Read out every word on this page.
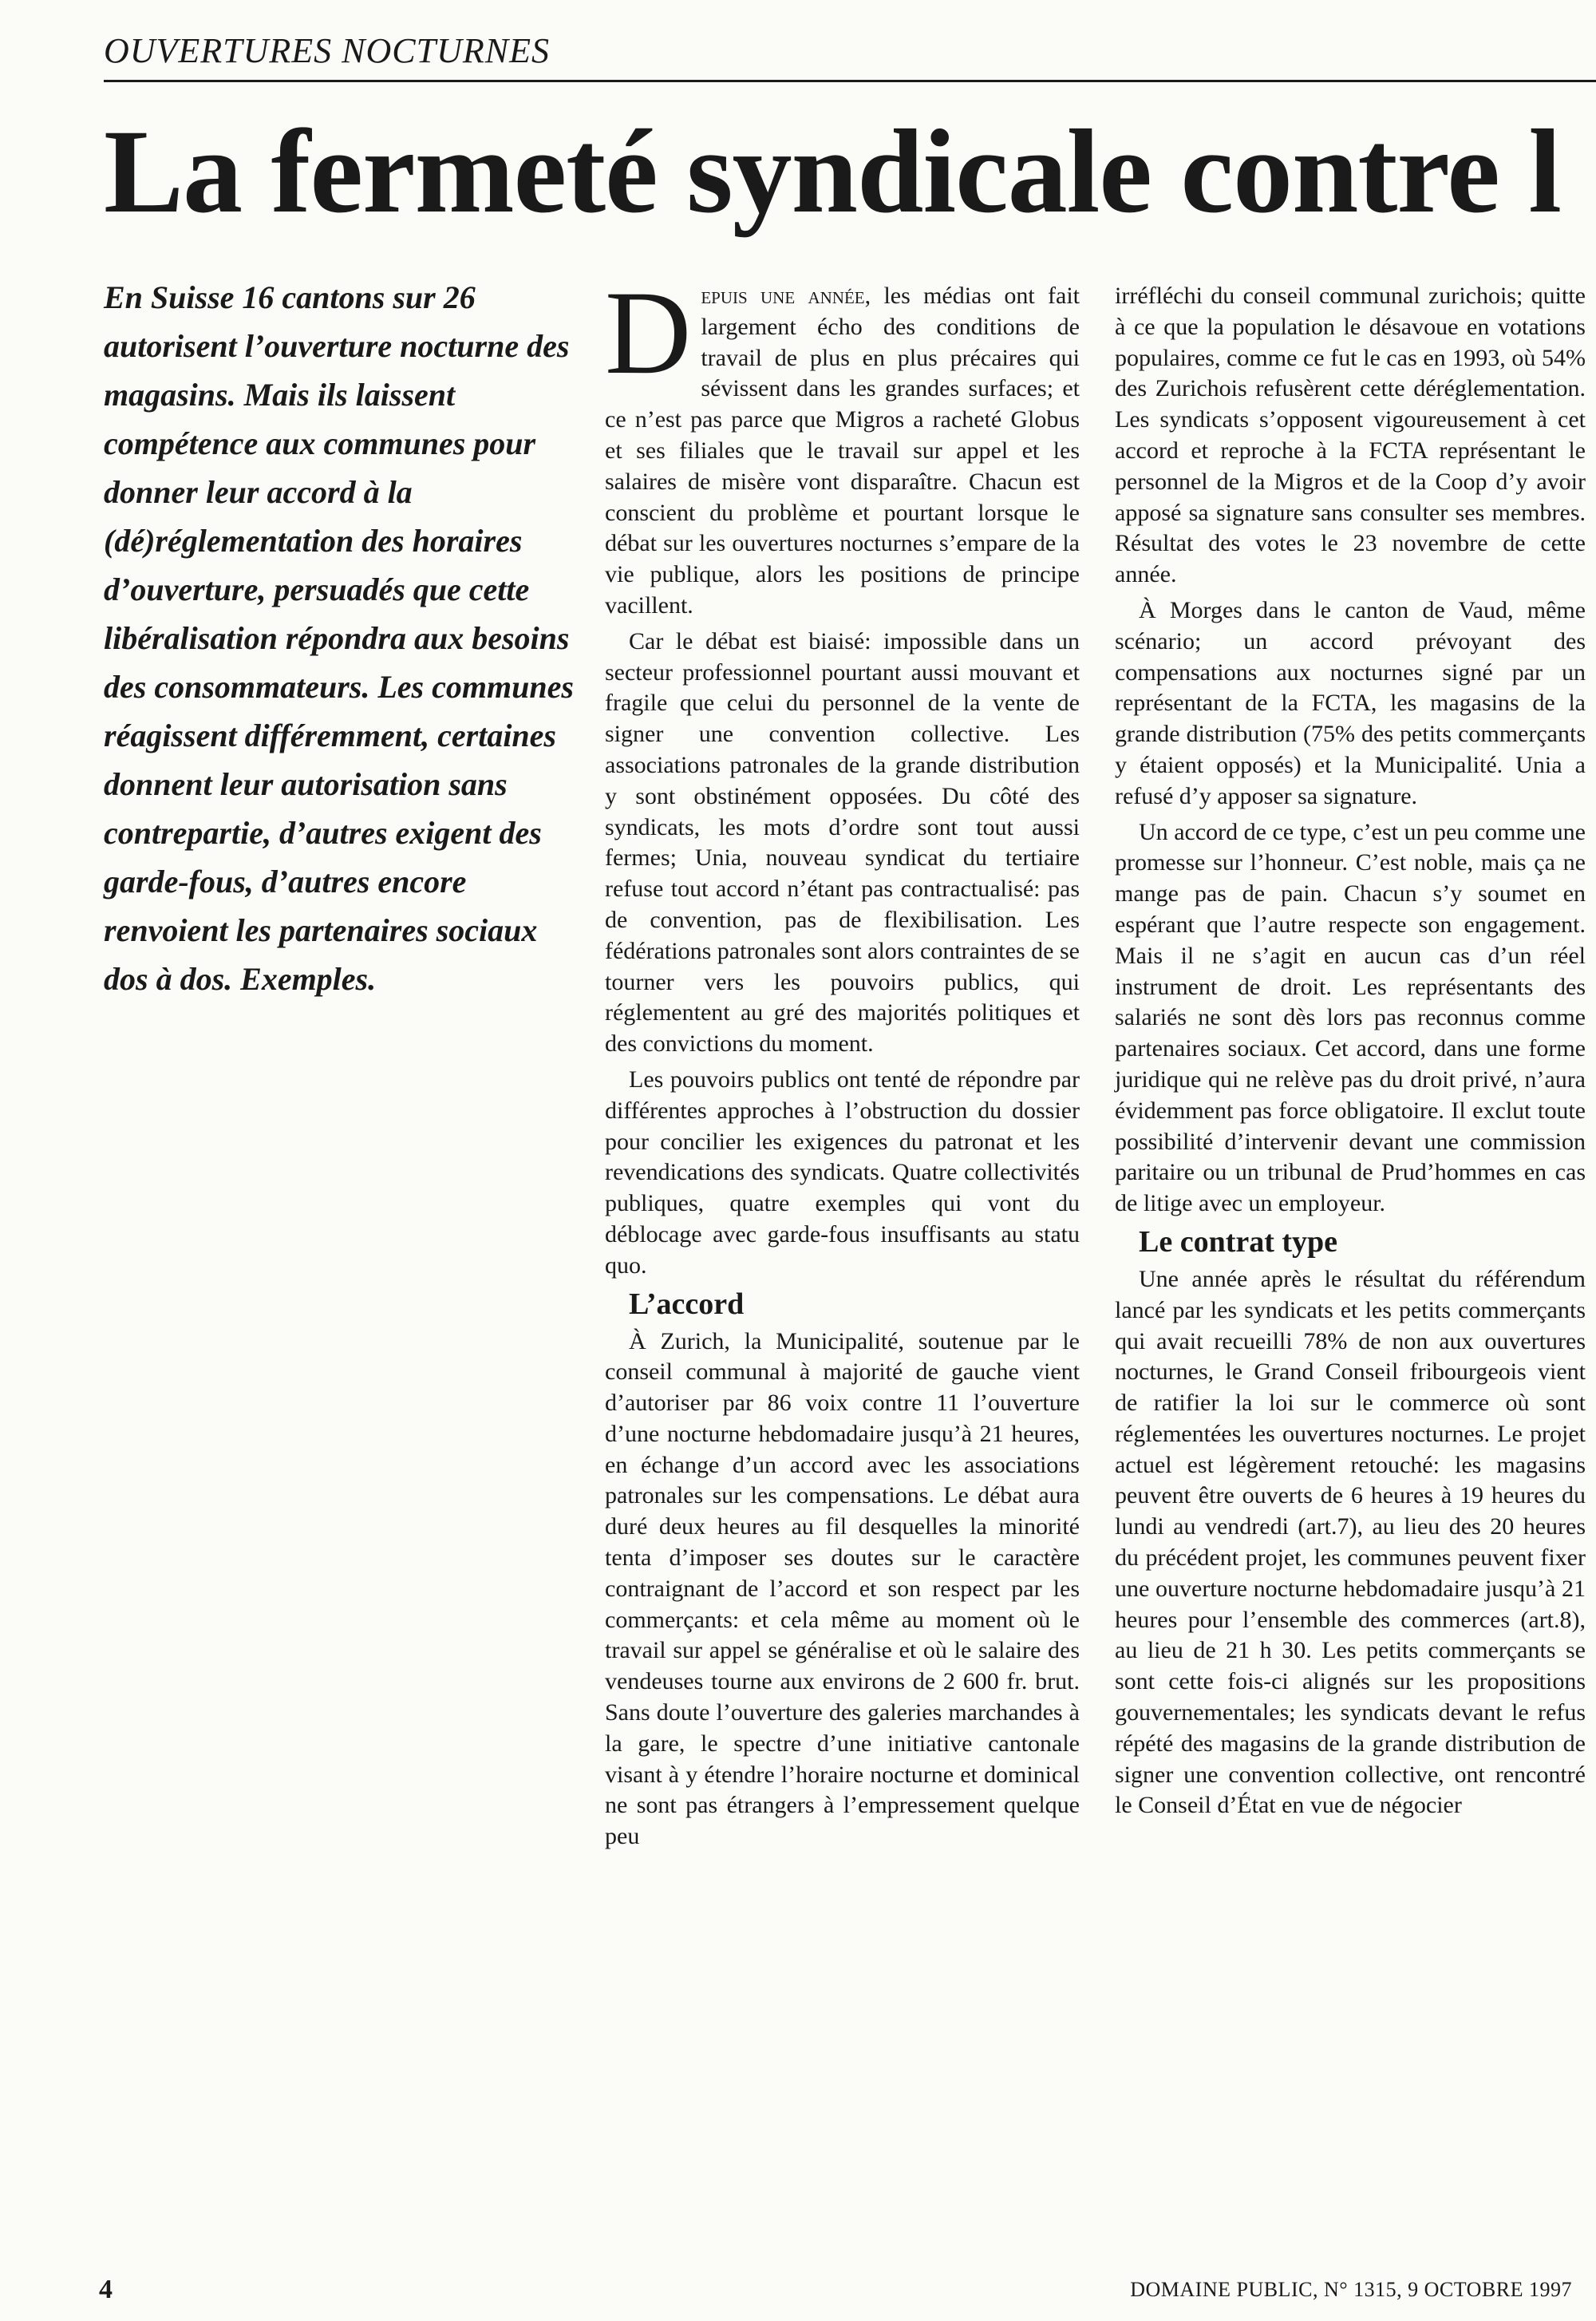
OUVERTURES NOCTURNES
La fermeté syndicale contre l
En Suisse 16 cantons sur 26 autorisent l’ouverture nocturne des magasins. Mais ils laissent compétence aux communes pour donner leur accord à la (dé)réglementation des horaires d’ouverture, persuadés que cette libéralisation répondra aux besoins des consommateurs. Les communes réagissent différemment, certaines donnent leur autorisation sans contrepartie, d’autres exigent des garde-fous, d’autres encore renvoient les partenaires sociaux dos à dos. Exemples.

Depuis une année, les médias ont fait largement écho des conditions de travail de plus en plus précaires qui sévissent dans les grandes surfaces; et ce n’est pas parce que Migros a racheté Globus et ses filiales que le travail sur appel et les salaires de misère vont disparaître. Chacun est conscient du problème et pourtant lorsque le débat sur les ouvertures nocturnes s’empare de la vie publique, alors les positions de principe vacillent.

Car le débat est biaisé: impossible dans un secteur professionnel pourtant aussi mouvant et fragile que celui du personnel de la vente de signer une convention collective. Les associations patronales de la grande distribution y sont obstinément opposées. Du côté des syndicats, les mots d’ordre sont tout aussi fermes; Unia, nouveau syndicat du tertiaire refuse tout accord n’étant pas contractualisé: pas de convention, pas de flexibilisation. Les fédérations patronales sont alors contraintes de se tourner vers les pouvoirs publics, qui réglementent au gré des majorités politiques et des convictions du moment.

Les pouvoirs publics ont tenté de répondre par différentes approches à l’obstruction du dossier pour concilier les exigences du patronat et les revendications des syndicats. Quatre collectivités publiques, quatre exemples qui vont du déblocage avec garde-fous insuffisants au statu quo.

L’accord

À Zurich, la Municipalité, soutenue par le conseil communal à majorité de gauche vient d’autoriser par 86 voix contre 11 l’ouverture d’une nocturne hebdomadaire jusqu’à 21 heures, en échange d’un accord avec les associations patronales sur les compensations. Le débat aura duré deux heures au fil desquelles la minorité tenta d’imposer ses doutes sur le caractère contraignant de l’accord et son respect par les commerçants: et cela même au moment où le travail sur appel se généralise et où le salaire des vendeuses tourne aux environs de 2 600 fr. brut. Sans doute l’ouverture des galeries marchandes à la gare, le spectre d’une initiative cantonale visant à y étendre l’horaire nocturne et dominical ne sont pas étrangers à l’empressement quelque peu

irréfléchi du conseil communal zurichois; quitte à ce que la population le désavoue en votations populaires, comme ce fut le cas en 1993, où 54% des Zurichois refusèrent cette déréglementation. Les syndicats s’opposent vigoureusement à cet accord et reproche à la FCTA représentant le personnel de la Migros et de la Coop d’y avoir apposé sa signature sans consulter ses membres. Résultat des votes le 23 novembre de cette année.

À Morges dans le canton de Vaud, même scénario; un accord prévoyant des compensations aux nocturnes signé par un représentant de la FCTA, les magasins de la grande distribution (75% des petits commerçants y étaient opposés) et la Municipalité. Unia a refusé d’y apposer sa signature.

Un accord de ce type, c’est un peu comme une promesse sur l’honneur. C’est noble, mais ça ne mange pas de pain. Chacun s’y soumet en espérant que l’autre respecte son engagement. Mais il ne s’agit en aucun cas d’un réel instrument de droit. Les représentants des salariés ne sont dès lors pas reconnus comme partenaires sociaux. Cet accord, dans une forme juridique qui ne relève pas du droit privé, n’aura évidemment pas force obligatoire. Il exclut toute possibilité d’intervenir devant une commission paritaire ou un tribunal de Prud’hommes en cas de litige avec un employeur.

Le contrat type

Une année après le résultat du référendum lancé par les syndicats et les petits commerçants qui avait recueilli 78% de non aux ouvertures nocturnes, le Grand Conseil fribourgeois vient de ratifier la loi sur le commerce où sont réglementées les ouvertures nocturnes. Le projet actuel est légèrement retouché: les magasins peuvent être ouverts de 6 heures à 19 heures du lundi au vendredi (art.7), au lieu des 20 heures du précédent projet, les communes peuvent fixer une ouverture nocturne hebdomadaire jusqu’à 21 heures pour l’ensemble des commerces (art.8), au lieu de 21 h 30. Les petits commerçants se sont cette fois-ci alignés sur les propositions gouvernementales; les syndicats devant le refus répété des magasins de la grande distribution de signer une convention collective, ont rencontré le Conseil d’État en vue de négocier

4	DOMAINE PUBLIC, N° 1315, 9 OCTOBRE 1997
